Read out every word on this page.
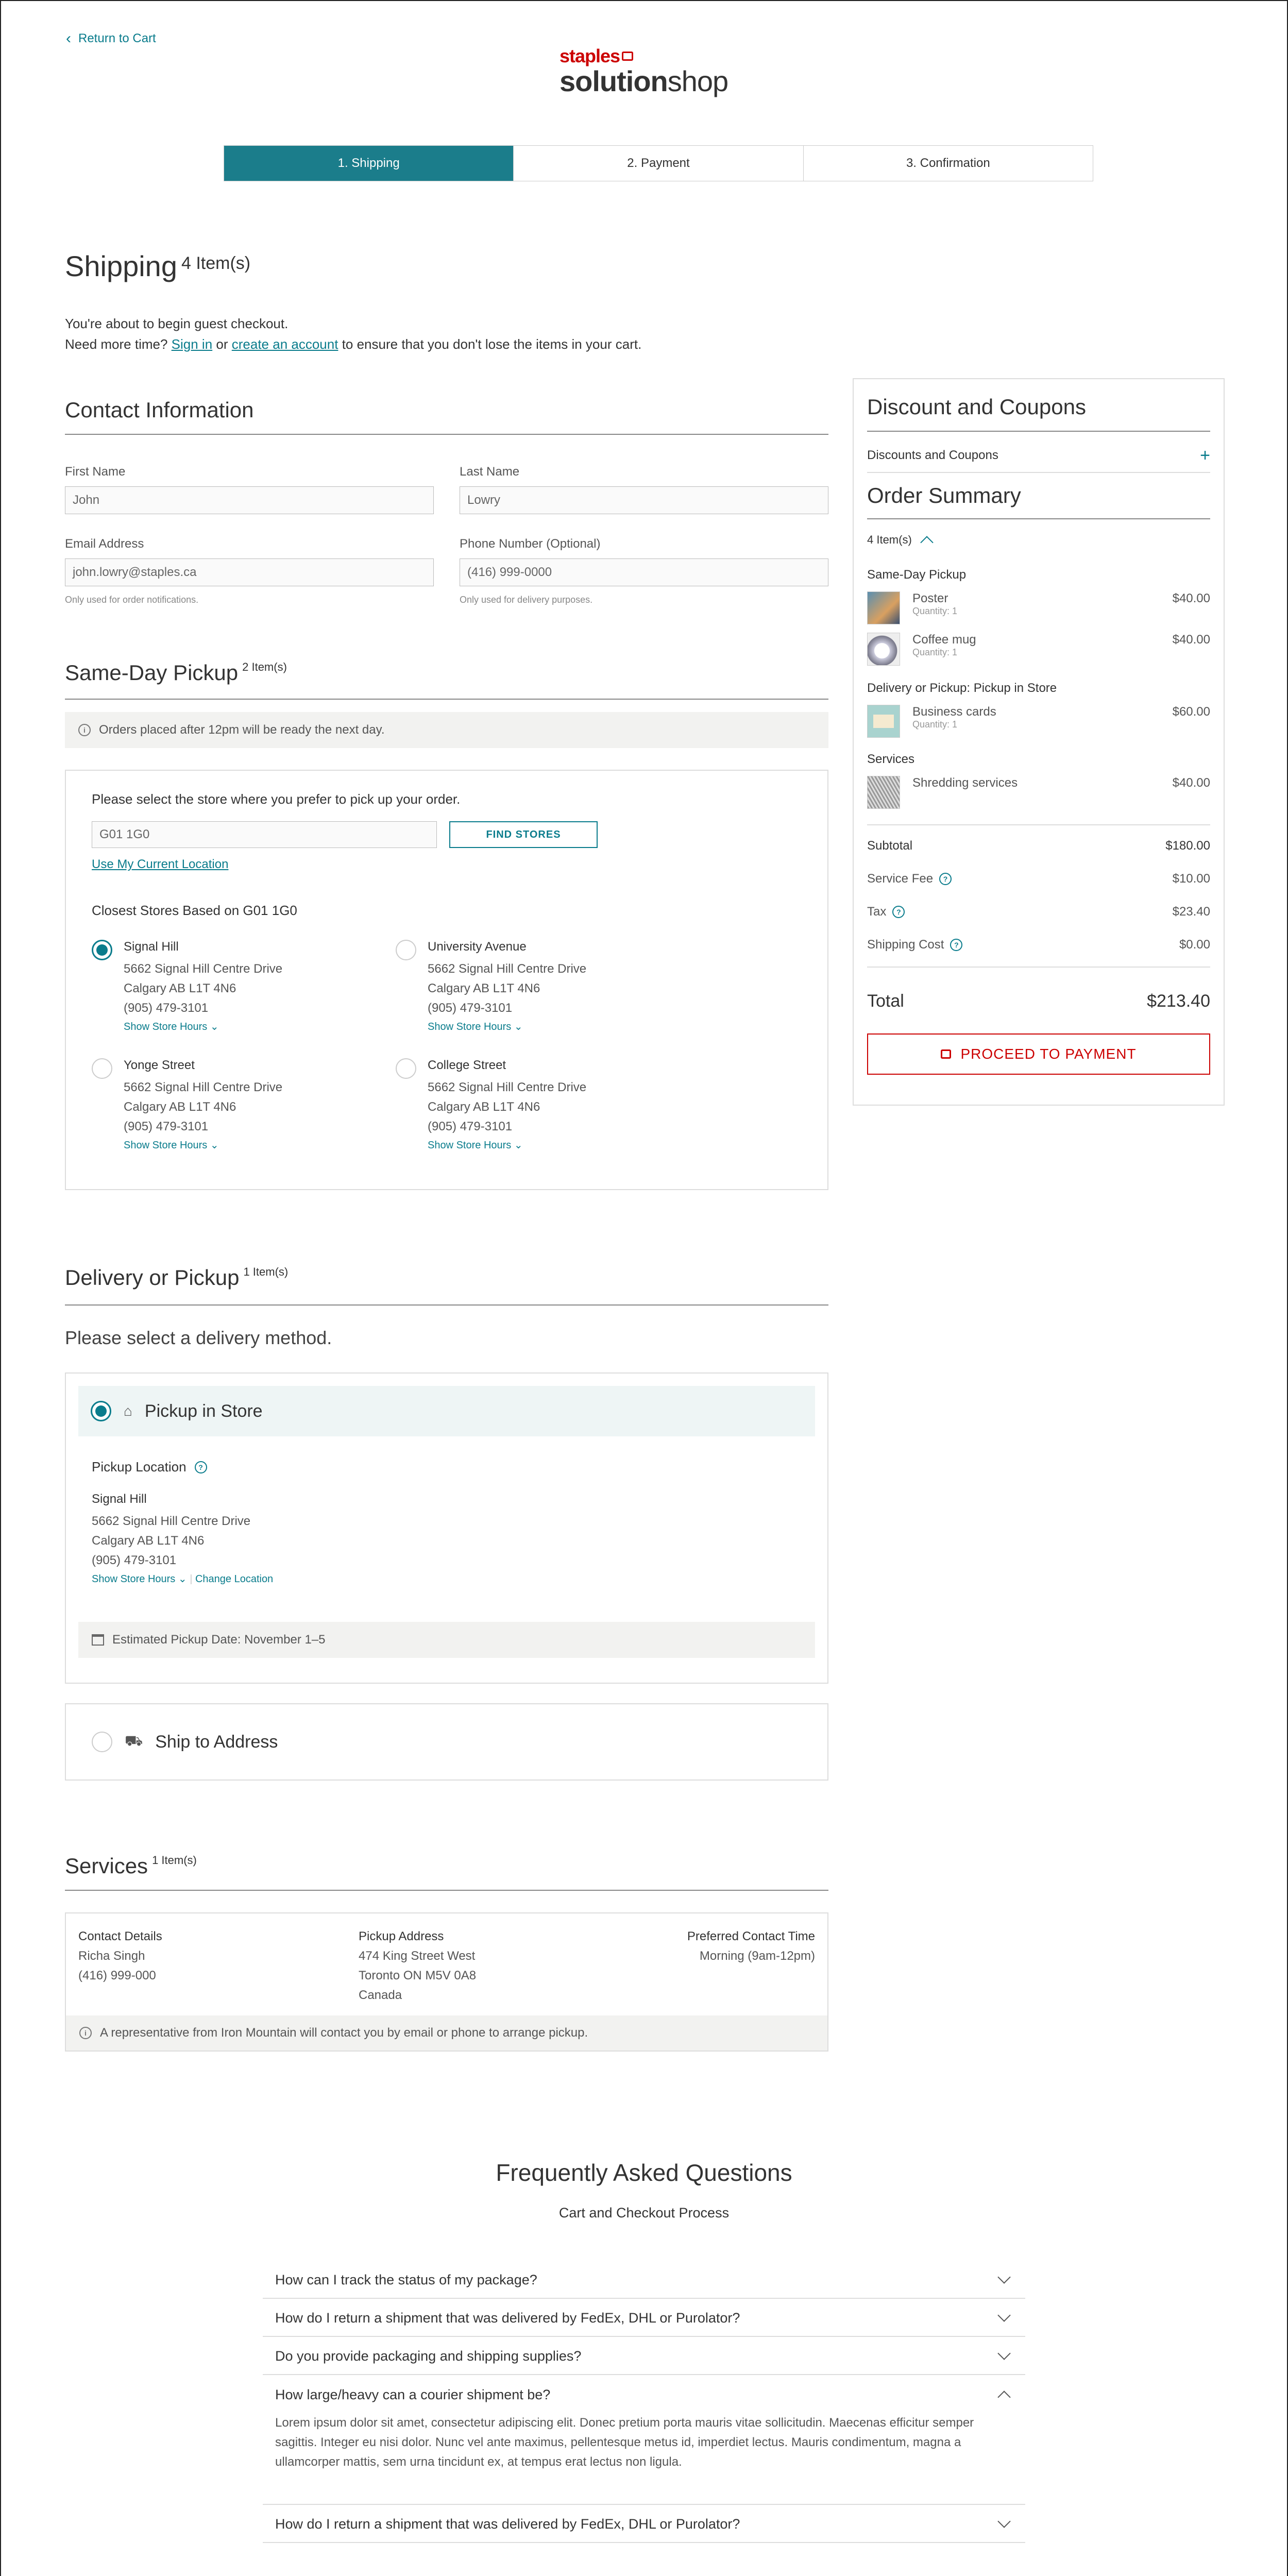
‹ Return to Cart
staples
solutionshop
1. Shipping	2. Payment	3. Confirmation
Shipping $^{4 Item(s)}$
You're about to begin guest checkout.
Need more time? Sign in or create an account to ensure that you don't lose the items in your cart.
Contact Information
First Name
John
Last Name
Lowry
Email Address
john.lowry@staples.ca
Only used for order notifications.
Phone Number (Optional)
(416) 999-0000
Only used for delivery purposes.
Same-Day Pickup $^{2 Item(s)}$
i	Orders placed after 12pm will be ready the next day.
Please select the store where you prefer to pick up your order.
G01 1G0	FIND STORES
Use My Current Location
Closest Stores Based on G01 1G0
Signal Hill
5662 Signal Hill Centre Drive
Calgary AB L1T 4N6
(905) 479-3101
Show Store Hours ⌄
University Avenue
5662 Signal Hill Centre Drive
Calgary AB L1T 4N6
(905) 479-3101
Show Store Hours ⌄
Yonge Street
5662 Signal Hill Centre Drive
Calgary AB L1T 4N6
(905) 479-3101
Show Store Hours ⌄
College Street
5662 Signal Hill Centre Drive
Calgary AB L1T 4N6
(905) 479-3101
Show Store Hours ⌄
Delivery or Pickup $^{1 Item(s)}$
Please select a delivery method.
⌂ Pickup in Store
Pickup Location	?
Signal Hill
5662 Signal Hill Centre Drive
Calgary AB L1T 4N6
(905) 479-3101
Show Store Hours ⌄ | Change Location
Estimated Pickup Date: November 1–5
⛟ Ship to Address
Services $^{1 Item(s)}$
Contact Details
Richa Singh
(416) 999-000
Pickup Address
474 King Street West
Toronto ON M5V 0A8
Canada
Preferred Contact Time
Morning (9am-12pm)
i	A representative from Iron Mountain will contact you by email or phone to arrange pickup.
Discount and Coupons
Discounts and Coupons	+
Order Summary
4 Item(s)
Same-Day Pickup
Poster
Quantity: 1
$40.00
Coffee mug
Quantity: 1
$40.00
Delivery or Pickup: Pickup in Store
Business cards
Quantity: 1
$60.00
Services
Shredding services	$40.00
Subtotal	$180.00
Service Fee	?	$10.00
Tax	?	$23.40
Shipping Cost	?	$0.00
Total	$213.40
PROCEED TO PAYMENT
Frequently Asked Questions
Cart and Checkout Process
How can I track the status of my package?
How do I return a shipment that was delivered by FedEx, DHL or Purolator?
Do you provide packaging and shipping supplies?
How large/heavy can a courier shipment be?
Lorem ipsum dolor sit amet, consectetur adipiscing elit. Donec pretium porta mauris vitae sollicitudin. Maecenas efficitur semper sagittis. Integer eu nisi dolor. Nunc vel ante maximus, pellentesque metus id, imperdiet lectus. Mauris condimentum, magna a ullamcorper mattis, sem urna tincidunt ex, at tempus erat lectus non ligula.
How do I return a shipment that was delivered by FedEx, DHL or Purolator?
